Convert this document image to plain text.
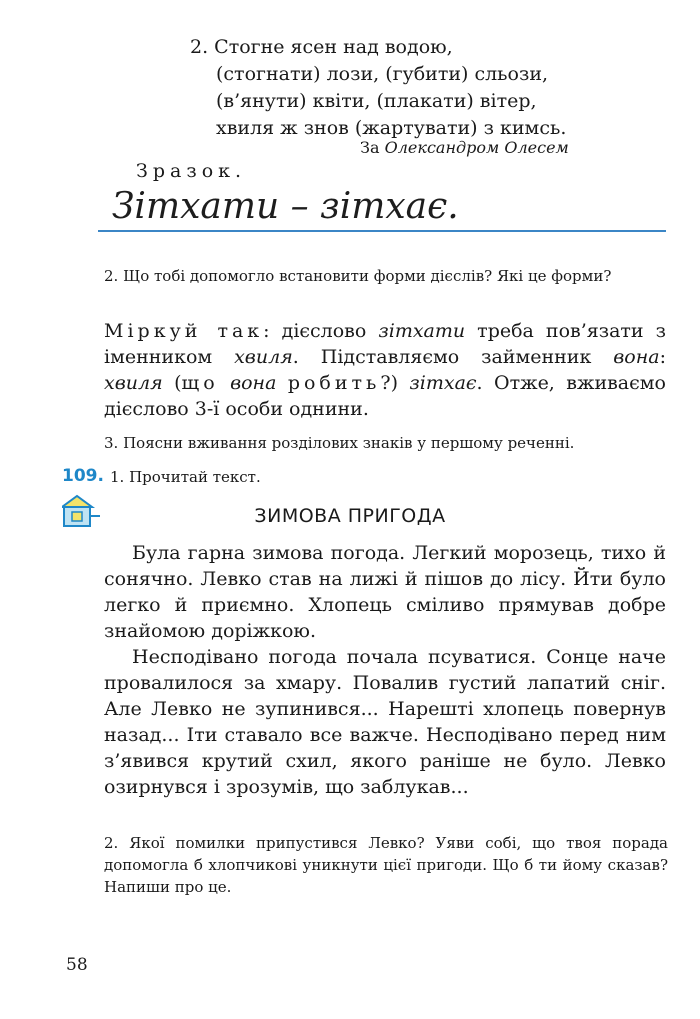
2. Стогне ясен над водою,
(стогнати) лози, (губити) сльози,
(в’янути) квіти, (плакати) вітер,
хвиля ж знов (жартувати) з кимсь.
За Олександром Олесем
Зразок.
Зітхати – зітхає.
2. Що тобі допомогло встановити форми дієслів? Які це форми?
Міркуй так: дієслово зітхати треба пов’язати з іменником хвиля. Підставляємо займенник вона: хвиля (що вона робить?) зітхає. Отже, вживаємо дієслово 3-ї особи однини.
3. Поясни вживання розділових знаків у першому реченні.
109. 1. Прочитай текст.
ЗИМОВА ПРИГОДА

Була гарна зимова погода. Легкий морозець, тихо й сонячно. Левко став на лижі й пішов до лісу. Йти було легко й приємно. Хлопець сміливо прямував добре знайомою доріжкою.

Несподівано погода почала псуватися. Сонце наче провалилося за хмару. Повалив густий лапатий сніг. Але Левко не зупинився... Нарешті хлопець повернув назад... Іти ставало все важче. Несподівано перед ним з’явився крутий схил, якого раніше не було. Левко озирнувся і зрозумів, що заблукав...

2. Якої помилки припустився Левко? Уяви собі, що твоя порада допомогла б хлопчикові уникнути цієї пригоди. Що б ти йому сказав? Напиши про це.
58
